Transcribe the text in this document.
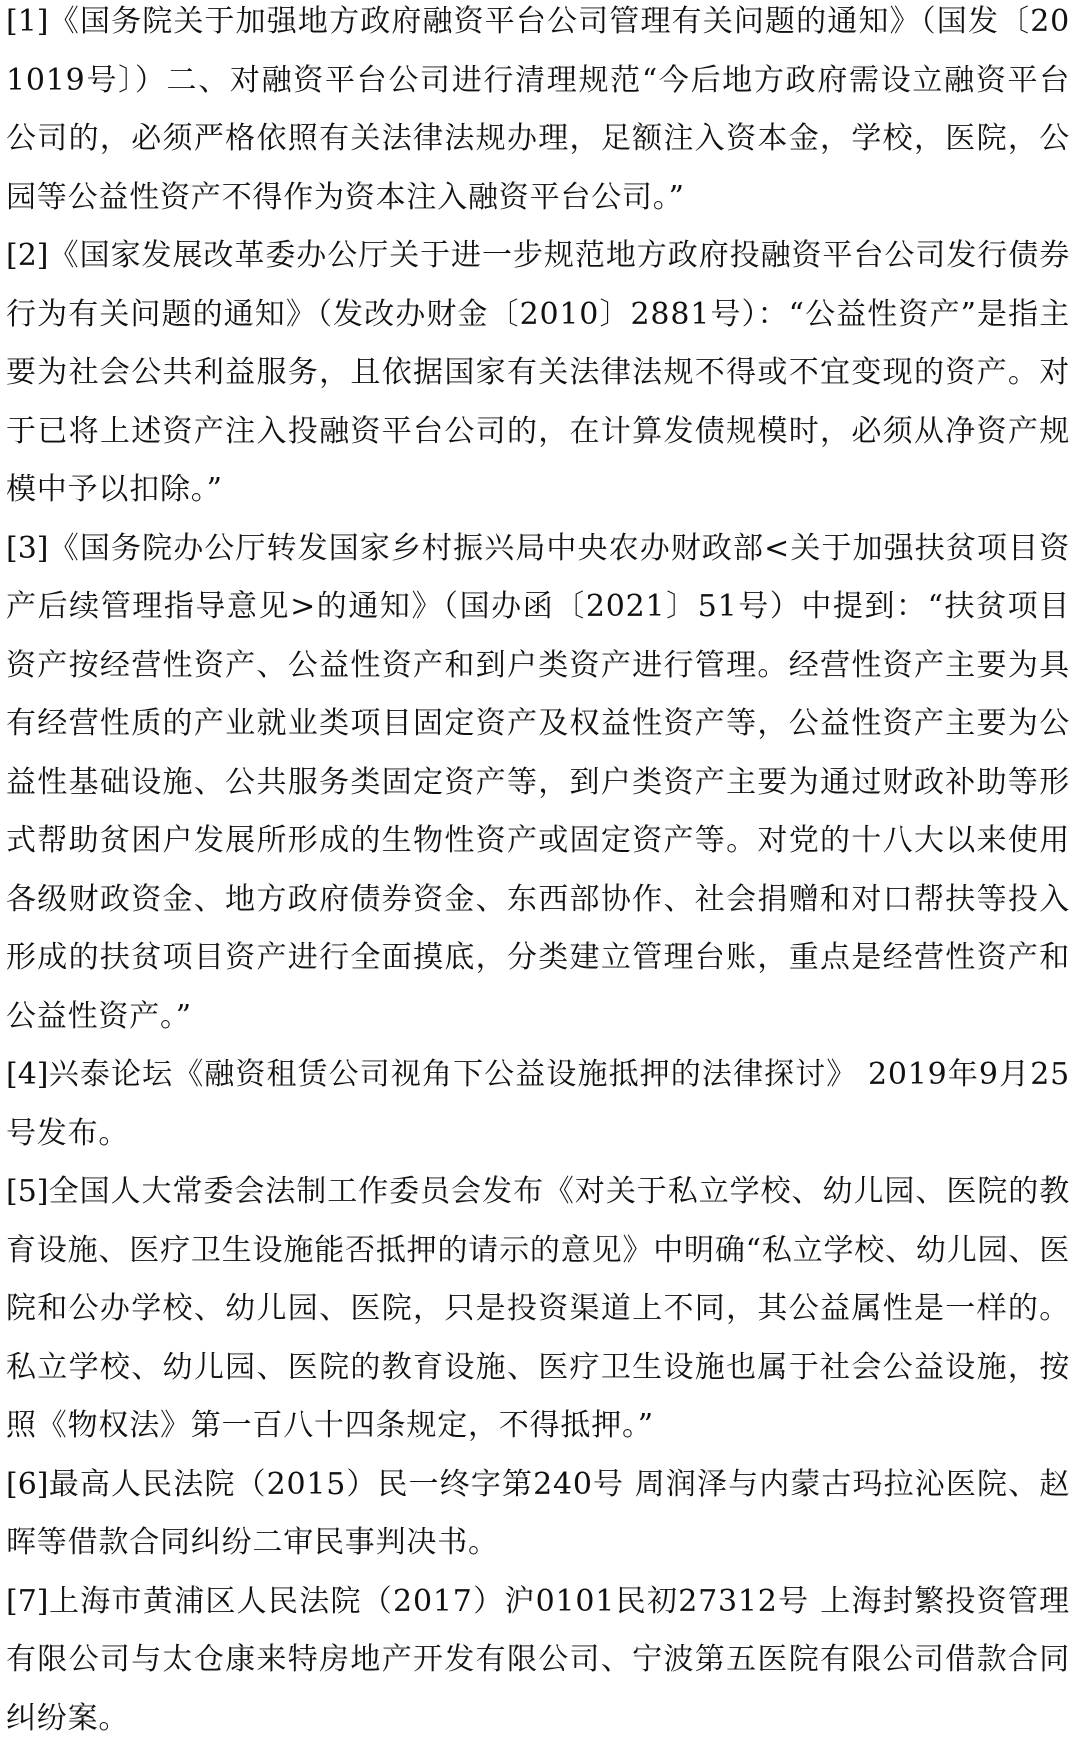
[1]《国务院关于加强地方政府融资平台公司管理有关问题的通知》（国发〔201019号〕）二、对融资平台公司进行清理规范“今后地方政府需设立融资平台公司的，必须严格依照有关法律法规办理，足额注入资本金，学校，医院，公园等公益性资产不得作为资本注入融资平台公司。”

[2]《国家发展改革委办公厅关于进一步规范地方政府投融资平台公司发行债券行为有关问题的通知》（发改办财金〔2010〕2881号）：“公益性资产”是指主要为社会公共利益服务，且依据国家有关法律法规不得或不宜变现的资产。对于已将上述资产注入投融资平台公司的，在计算发债规模时，必须从净资产规模中予以扣除。”

[3]《国务院办公厅转发国家乡村振兴局中央农办财政部<关于加强扶贫项目资产后续管理指导意见>的通知》（国办函〔2021〕51号）中提到：“扶贫项目资产按经营性资产、公益性资产和到户类资产进行管理。经营性资产主要为具有经营性质的产业就业类项目固定资产及权益性资产等，公益性资产主要为公益性基础设施、公共服务类固定资产等，到户类资产主要为通过财政补助等形式帮助贫困户发展所形成的生物性资产或固定资产等。对党的十八大以来使用各级财政资金、地方政府债券资金、东西部协作、社会捐赠和对口帮扶等投入形成的扶贫项目资产进行全面摸底，分类建立管理台账，重点是经营性资产和公益性资产。”

[4]兴泰论坛《融资租赁公司视角下公益设施抵押的法律探讨》 2019年9月25号发布。

[5]全国人大常委会法制工作委员会发布《对关于私立学校、幼儿园、医院的教育设施、医疗卫生设施能否抵押的请示的意见》中明确“私立学校、幼儿园、医院和公办学校、幼儿园、医院，只是投资渠道上不同，其公益属性是一样的。私立学校、幼儿园、医院的教育设施、医疗卫生设施也属于社会公益设施，按照《物权法》第一百八十四条规定，不得抵押。”

[6]最高人民法院（2015）民一终字第240号 周润泽与内蒙古玛拉沁医院、赵晖等借款合同纠纷二审民事判决书。

[7]上海市黄浦区人民法院（2017）沪0101民初27312号 上海封繁投资管理有限公司与太仓康来特房地产开发有限公司、宁波第五医院有限公司借款合同纠纷案。
